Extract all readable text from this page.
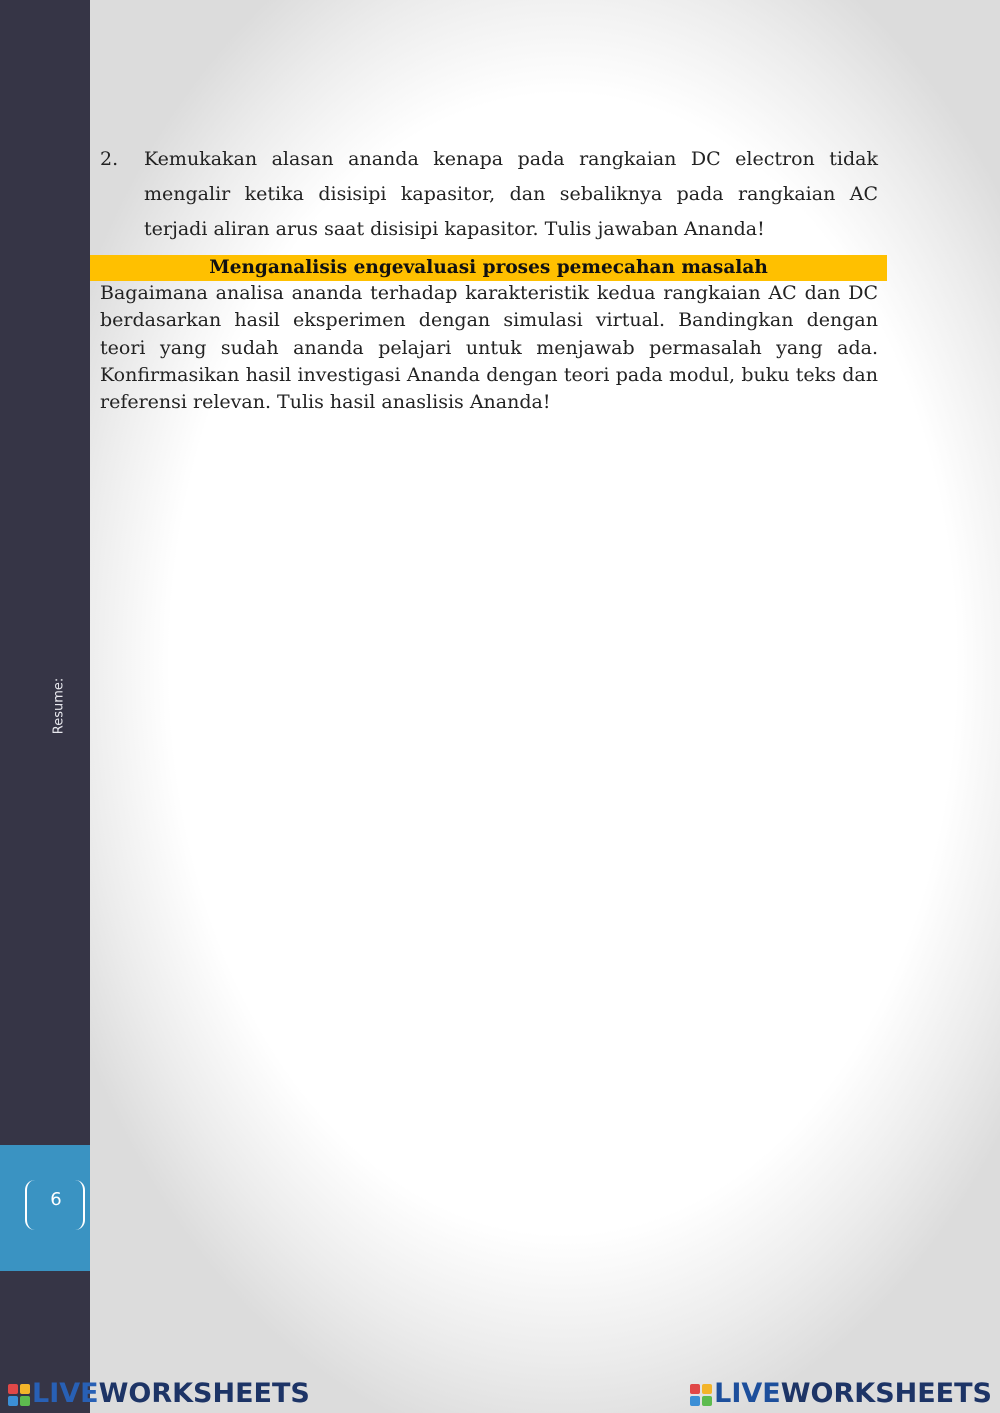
Resume:
6
2. Kemukakan alasan ananda kenapa pada rangkaian DC electron tidak mengalir ketika disisipi kapasitor, dan sebaliknya pada rangkaian AC terjadi aliran arus saat disisipi kapasitor. Tulis jawaban Ananda!
Menganalisis engevaluasi proses pemecahan masalah
Bagaimana analisa ananda terhadap karakteristik kedua rangkaian AC dan DC berdasarkan hasil eksperimen dengan simulasi virtual. Bandingkan dengan teori yang sudah ananda pelajari untuk menjawab permasalah yang ada. Konfirmasikan hasil investigasi Ananda dengan teori pada modul, buku teks dan referensi relevan. Tulis hasil anaslisis Ananda!
LIVEWORKSHEETS	LIVEWORKSHEETS
